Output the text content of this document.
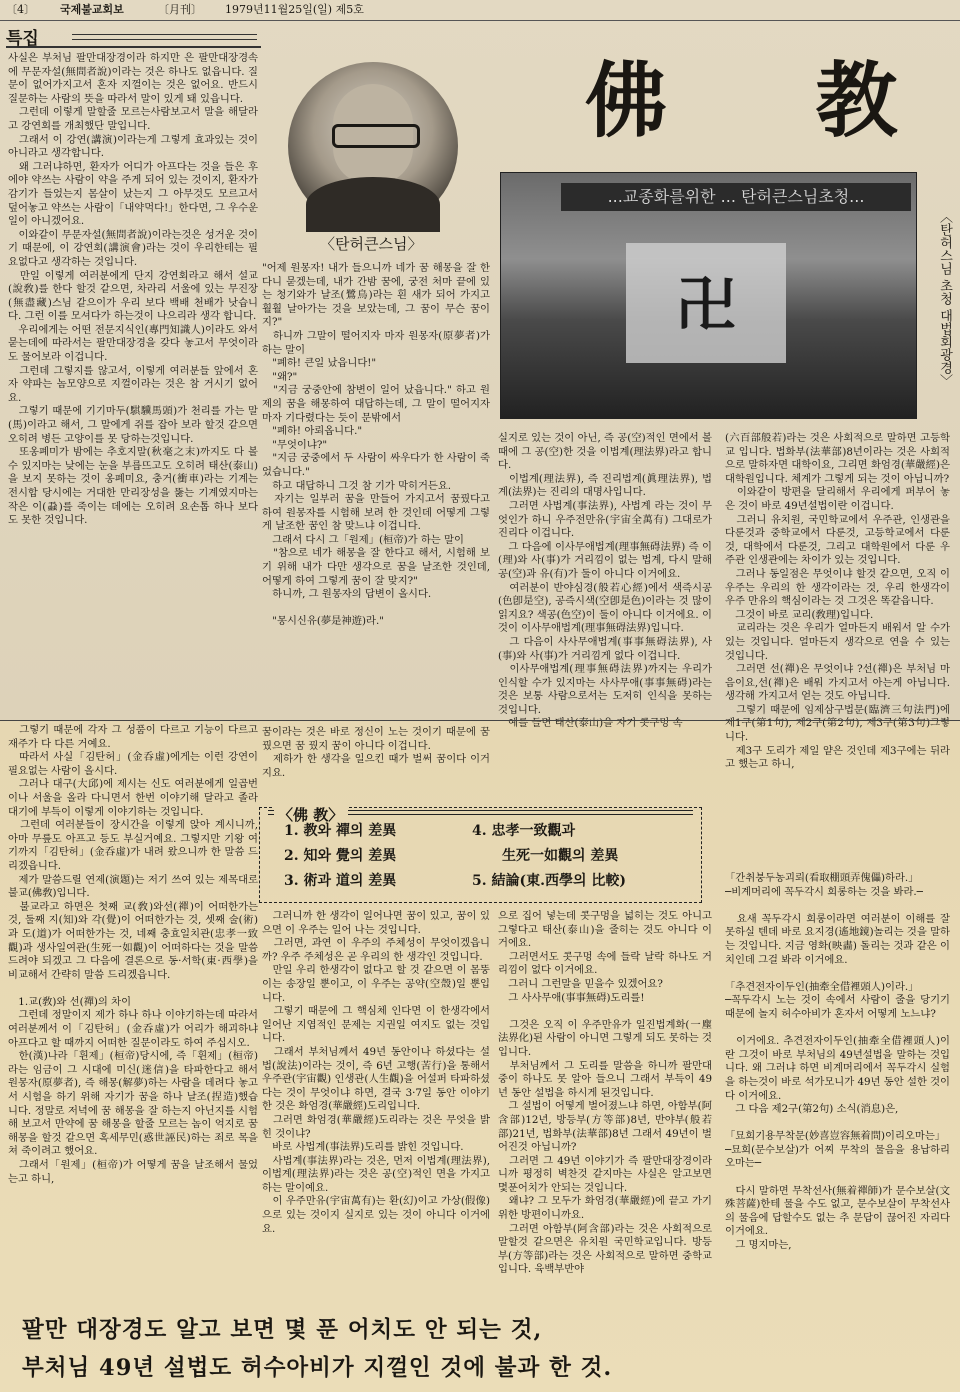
〔4〕 국제불교회보	〔月刊〕 1979년11월25일(일) 제5호
특집
佛 教
〈탄허큰스님〉
...교종화를위한 ... 탄허큰스님초청...
卍	〈탄허스님 초청 대법회광경〉
사실은 부처님 팔만대장경이라 하지만 은 팔만대장경속에 무문자설(無問者說)이라는 것은 하나도 없읍니다. 질문이 없어가지고서 혼자 지껄이는 것은 없어요. 반드시 질문하는 사람의 뜻을 따라서 말이 있게 돼 있읍니다.
　그런데 이렇게 말할줄 모르는사람보고서 말을 해달라고 강연회를 개최했단 말입니다.
　그래서 이 강연(講演)이라는게 그렇게 효과있는 것이 아니라고 생각합니다.
　왜 그러냐하면, 환자가 어디가 아프다는 것을 들은 후에야 약쓰는 사람이 약을 주게 되어 있는 것이지, 환자가 감기가 들었는지 몸살이 났는지 그 아무것도 모르고서 덮어놓고 약쓰는 사람이「내약먹다!」한다면, 그 우수운 일이 아니겠어요.
　이와같이 무문자설(無問者說)이라는것은 성거운 것이기 때문에, 이 강연회(講演會)라는 것이 우리한테는 필요없다고 생각하는 것입니다.
　만일 이렇게 여러분에게 단지 강연회라고 해서 설교(說敎)를 한다 할것 같으면, 차라리 서울에 있는 무진장(無盡藏)스님 같으이가 우리 보다 백배 천배가 낫습니다. 그런 이를 모셔다가 하는것이 나으리라 생각 합니다.
　우리에게는 어떤 전문지식인(專門知識人)이라도 와서 묻는데에 따라서는 팔만대장경을 갖다 놓고서 무엇이라도 물어보라 이겁니다.
　그런데 그렇지를 않고서, 이렇게 여러분들 앞에서 혼자 약파는 놈모양으로 지껄이라는 것은 참 거시기 없어요.
　그렇기 때문에 기기마두(騏驥馬頭)가 천리를 가는 말(馬)이라고 해서, 그 말에게 쥐를 잡아 보라 할것 같으면 오히려 병든 고양이를 못 당하는것입니다.
　또옹폐미가 밤에는 추호지말(秋毫之末)까지도 다 볼수 있지마는 낮에는 눈을 부릅뜨고도 오히려 태산(泰山)을 보지 못하는 것이 옹폐미요, 충거(衝車)라는 기계는 전시합 당시에는 거대한 만리장성을 뚫는 기계였지마는 작은 이(蝨)를 죽이는 데에는 오히려 요손톱 하나 보다도 못한 것입니다.
"어제 원몽자! 내가 들으니까 네가 꿈 해몽을 잘 한다니 묻겠는데, 내가 간밤 꿈에, 궁전 처마 끝에 있는 청기와가 날조(鷺鳥)라는 흰 새가 되어 가지고 훨훨 날아가는 것을 보았는데, 그 꿈이 무슨 꿈이지?"
　하니까 그말이 떨어지자 마자 원몽자(原夢者)가 하는 말이
　"폐하! 큰일 났읍니다!"
　"왜?"
　"지금 궁중안에 참변이 일어 났읍니다." 하고 원제의 꿈을 해몽하여 대답하는데, 그 말이 떨어지자 마자 기다렸다는 듯이 문밖에서
　"폐하! 아뢰옵니다."
　"무엇이냐?"
　"지금 궁중에서 두 사람이 싸우다가 한 사람이 죽었습니다."
　하고 대답하니 그것 참 기가 막히거든요.
　자기는 일부러 꿈을 만들어 가지고서 꿈꿨다고 하여 원몽자를 시험해 보려 한 것인데 어떻게 그렇게 날조한 꿈인 참 맞느냐 이겁니다.
　그래서 다시 그「원제」(桓帝)가 하는 말이
　"참으로 네가 해몽을 잘 한다고 해서, 시험해 보기 위해 내가 다만 생각으로 꿈을 날조한 것인데, 어떻게 하여 그렇게 꿈이 잘 맞지?"
　하니까, 그 원몽자의 답변이 올시다.

　"몽시신유(夢是神遊)라."
실지로 있는 것이 아닌, 즉 공(空)적인 면에서 볼때에 그 공(空)한 것을 이법계(理法界)라고 합니다.
　이법계(理法界), 즉 진리법계(眞理法界), 법계(法界)는 진리의 대명사입니다.
　그러면 사법계(事法界), 사법계 라는 것이 무엇인가 하니 우주전만유(宇宙全萬有) 그대로가 진리다 이겁니다.
　그 다음에 이사무애법계(理事無碍法界) 즉 이(理)와 사(事)가 거리낌이 없는 법계, 다시 말해 공(空)과 유(有)가 둘이 아니다 이거에요.
　여러분이 반야심경(般若心經)에서 색즉시공(色卽是空), 공즉시색(空卽是色)이라는 것 많이 읽지요? 색공(色空)이 둘이 아니다 이거에요. 이것이 이사무애법계(理事無碍法界)입니다.
　그 다음이 사사무애법계(事事無碍法界), 사(事)와 사(事)가 거리낌게 없다 이겁니다.
　이사무애법계(理事無碍法界)까지는 우리가 인식할 수가 있지마는 사사무애(事事無碍)라는 것은 보통 사람으로서는 도저히 인식을 못하는 것입니다.
　예를 들면 태산(泰山)을 자기 콧구멍 속
(六百部般若)라는 것은 사회적으로 말하면 고등학교 입니다. 법화부(法華部)8년이라는 것은 사회적으로 말하자면 대학이요, 그리면 화엄경(華嚴經)은 대학원입니다. 체계가 그렇게 되는 것이 아닙니까?
　이와같이 방편을 달리해서 우리에게 퍼부어 놓은 것이 바로 49년설법이란 이겁니다.
　그러니 유치원, 국민학교에서 우주관, 인생관을 다룬것과 중학교에서 다룬것, 고등학교에서 다룬것, 대학에서 다룬것, 그리고 대학원에서 다룬 우주관 인생관에는 차이가 있는 것입니다.
　그러나 동일점은 무엇이냐 할것 같으면, 오직 이 우주는 우리의 한 생각이라는 것, 우리 한생각이 우주 만유의 핵심이라는 것 그것은 똑같읍니다.
　그것이 바로 교리(敎理)입니다.
　교리라는 것은 우리가 얼마든지 배워서 알 수가 있는 것입니다. 얼마든지 생각으로 연을 수 있는 것입니다.
　그러면 선(禪)은 무엇이냐 ?선(禪)은 부처님 마음이요,선(禪)은 배워 가지고서 아는게 아닙니다. 생각해 가지고서 얻는 것도 아닙니다.
　그렇기 때문에 임제삼구법문(臨濟三句法門)에 제1구(第1句), 제2구(第2句), 제3구(第3句)그렇니다.
　제3구 도리가 제일 얕은 것인데 제3구에는 뒤라고 했는고 하니,
　그렇기 때문에 각자 그 성품이 다르고 기능이 다르고 재주가 다 다른 거예요.
　따라서 사실「김탄허」(金呑虛)에게는 이런 강연이 필요없는 사람이 올시다.
　그러나 대구(大邱)에 제시는 신도 여러분에게 일곱번이나 서울을 올라 다니면서 한번 이야기해 달라고 졸라 대기에 부득이 이렇게 이야기하는 것입니다.
　그런데 여러분들이 장시간을 이렇게 앉아 계시니까, 아마 무릎도 아프고 등도 부실거예요. 그렇지만 기왕 여기까지「김탄허」(金呑虛)가 내려 왔으니까 한 말씀 드리겠읍니다.
　제가 말씀드릴 연제(演題)는 저기 쓰여 있는 제목대로 불교(佛敎)입니다.
　불교라고 하면은 첫째 교(敎)와선(禪)이 어떠한가는 것, 둘째 지(知)와 각(覺)이 어떠한가는 것, 셋째 술(術)과 도(道)가 어떠한가는 것, 네째 충효일치관(忠孝一致觀)과 생사일여관(生死一如觀)이 어떠하다는 것을 말씀 드려야 되겠고 그 다음에 결론으로 동·서학(東·西學)을 비교해서 간략히 말씀 드리겠읍니다.

　1.교(敎)와 선(禪)의 차이
　그런데 정말이지 제가 하나 하나 이야기하는데 따라서 여러분께서 이「김탄허」(金呑虛)가 어리가 해괴하냐 아프다고 할 때까지 어떠한 질문이라도 하여 주십시오.
　한(漢)나라「휜제」(桓帝)당시에, 즉「휜제」(桓帝)라는 임금이 그 시대에 미신(迷信)을 타파한다고 해서 원몽자(原夢者), 즉 해몽(解夢)하는 사람을 데려다 놓고서 시험을 하기 위해 자기가 꿈을 하나 날조(捏造)했습니다. 정말로 저녁에 꿈 해몽을 잘 하는지 아닌지를 시험해 보고서 만약에 꿈 해몽을 할줄 모르는 놈이 억지로 꿈 해몽을 할것 같으면 혹세무민(惑世誣民)하는 죄로 목을 쳐 죽이려고 했어요.
　그래서「원제」(桓帝)가 어떻게 꿈을 날조해서 물었는고 하니,
꿈이라는 것은 바로 정신이 노는 것이기 때문에 꿈 꿨으면 꿈 꿨지 꿈이 아니다 이겁니다.
　제하가 한 생각을 일으킨 때가 벌써 꿈이다 이거지요.
〈佛 教〉
1. 教와 禪의 差異
2. 知와 覺의 差異
3. 術과 道의 差異
4. 忠孝一致觀과
生死一如觀의 差異
5. 結論(東.西學의 比較)
　그러니까 한 생각이 일어나면 꿈이 있고, 꿈이 있으면 이 우주는 일어 나는 것입니다.
　그러면, 과연 이 우주의 주체성이 무엇이겠읍니까? 우주 주체성은 곧 우리의 한 생각인 것입니다.
　만일 우리 한생각이 없다고 할 것 같으면 이 몸뚱이는 송장일 뿐이고, 이 우주는 공약(空殼)일 뿐입니다.
　그렇기 때문에 그 핵심체 인다면 이 한생각에서 일어난 지엽적인 문제는 지권일 여지도 없는 것입니다.
　그래서 부처님께서 49년 동안이나 하셨다는 설법(說法)이라는 것이, 즉 6년 고행(苦行)을 통해서 우주관(宇宙觀) 인생관(人生觀)을 어설퍼 타파하셨다는 것이 무엇이냐 하면, 결국 3·7일 동안 이야기한 것은 화엄경(華嚴經)도리입니다.
　그러면 화엄경(華嚴經)도리라는 것은 무엇을 밝힌 것이냐?
　바로 사법계(事法界)도리를 밝힌 것입니다.
　사법계(事法界)라는 것은, 먼저 이법계(理法界), 이법계(理法界)라는 것은 공(空)적인 면을 가지고 하는 말이예요.
　이 우주만유(宇宙萬有)는 환(幻)이고 가상(假像)으로 있는 것이지 실지로 있는 것이 아니다 이거에요.
으로 집어 넣는데 콧구멍을 넓히는 것도 아니고 그렇다고 태산(泰山)을 줄히는 것도 아니다 이거에요.
　그러면서도 콧구멍 속에 들락 날락 하나도 거리낌이 없다 이거에요.
　그러니 그런말을 믿을수 있겠어요?
　그 사사무애(事事無碍)도리를!

　그것은 오직 이 우주만유가 일진법계화(一塵法界化)된 사람이 아니면 그렇게 되도 못하는 것입니다.
　부처님께서 그 도리를 말씀을 하니까 팔만대중이 하나도 못 알아 들으니 그래서 부득이 49년 동안 설법을 하시게 된것입니다.
　그 설법이 어떻게 벌어졌느냐 하면, 아함부(阿含部)12년, 방등부(方等部)8년, 반야부(般若部)21년, 법화부(法華部)8년 그래서 49년이 벌어진것 아닙니까?
　그러면 그 49년 이야기가 즉 팔만대장경이라니까 평정히 벽찬것 같지마는 사실은 알고보면 몇푼어치가 안되는 것입니다.
　왜냐? 그 모두가 화엄경(華嚴經)에 끝고 가기위한 방편이니까요.
　그러면 아함부(阿含部)라는 것은 사회적으로 말할것 같으면은 유치원 국민학교입니다. 방등부(方等部)라는 것은 사회적으로 말하면 중학교입니다. 육백부반야
「간취붕두농괴뢰(看取棚頭弄傀儡)하라.」
─비계머리에 꼭두각시 희롱하는 것을 봐라.─

　요새 꼭두각시 희롱이라면 여러분이 이해를 잘 못하실 텐데 바로 요지경(遙地鏡)놀리는 것을 말하는 것입니다. 지금 영화(映畵) 돌리는 것과 같은 이치인데 그걸 봐라 이거에요.

「추견전자이두인(抽牽全借裡頭人)이라.」
─꼭두각시 노는 것이 속에서 사람이 줄을 당기기 때문에 놀지 허수아비가 혼자서 어떻게 노느냐?

　이거에요. 추견전자이두인(抽牽全借裡頭人)이란 그것이 바로 부처님의 49년설법을 말하는 것입니다. 왜 그러냐 하면 비계머리에서 꼭두각시 실험을 하는것이 바로 석가모니가 49년 동안 설한 것이다 이거에요.
　그 다음 제2구(第2句) 소식(消息)은,

「묘희기용무착문(妙喜豈容無着問)이리오마는」
─묘희(문수보살)가 어찌 무착의 물음을 용납하리오마는─

　다시 말하면 무착선사(無着禪師)가 문수보살(文殊菩薩)한테 물을 수도 없고, 문수보살이 무착선사의 물음에 답할수도 없는 추 문답이 끊어진 자리다 이거에요.
　그 명지마는,
팔만 대장경도 알고 보면 몇 푼 어치도 안 되는 것,
부처님 49년 설법도 허수아비가 지껄인 것에 불과 한 것.
